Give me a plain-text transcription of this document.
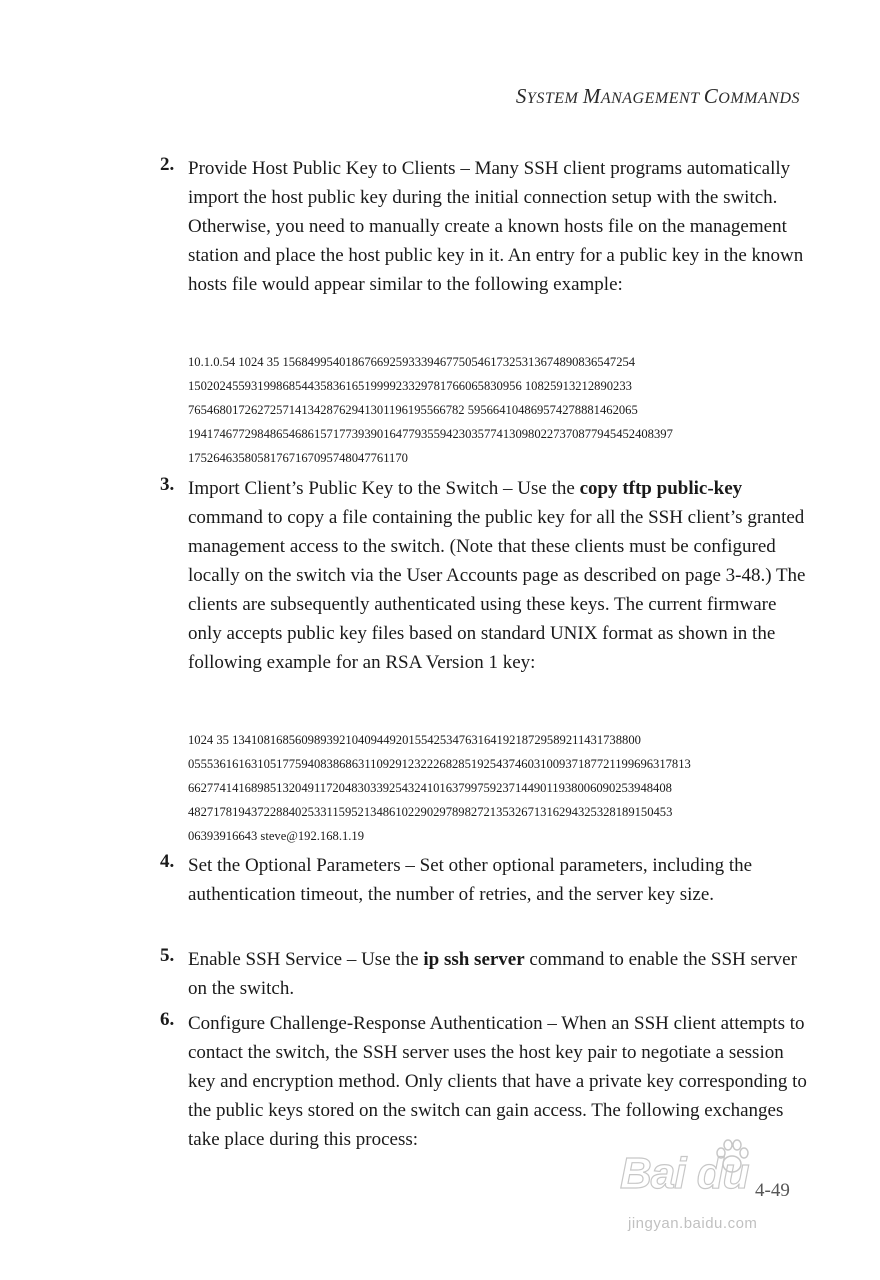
SYSTEM MANAGEMENT COMMANDS
2. Provide Host Public Key to Clients – Many SSH client programs automatically import the host public key during the initial connection setup with the switch. Otherwise, you need to manually create a known hosts file on the management station and place the host public key in it. An entry for a public key in the known hosts file would appear similar to the following example:
10.1.0.54 1024 35 15684995401867669259333946775054617325313674890836547254
15020245593199868544358361651999923329781766065830956 10825913212890233
76546801726272571413428762941301196195566782 595664104869574278881462065
19417467729848654686157177393901647793559423035774130980227370877945452408397
17526463580581767167095748047761170
3. Import Client’s Public Key to the Switch – Use the copy tftp public-key command to copy a file containing the public key for all the SSH client’s granted management access to the switch. (Note that these clients must be configured locally on the switch via the User Accounts page as described on page 3-48.) The clients are subsequently authenticated using these keys. The current firmware only accepts public key files based on standard UNIX format as shown in the following example for an RSA Version 1 key:
1024 35 13410816856098939210409449201554253476316419218729589211431738800
05553616163105177594083868631109291232226828519254374603100937187721199696317813
66277414168985132049117204830339254324101637997592371449011938006090253948408
48271781943722884025331159521348610229029789827213532671316294325328189150453
06393916643 steve@192.168.1.19
4. Set the Optional Parameters – Set other optional parameters, including the authentication timeout, the number of retries, and the server key size.
5. Enable SSH Service – Use the ip ssh server command to enable the SSH server on the switch.
6. Configure Challenge-Response Authentication – When an SSH client attempts to contact the switch, the SSH server uses the host key pair to negotiate a session key and encryption method. Only clients that have a private key corresponding to the public keys stored on the switch can gain access. The following exchanges take place during this process:
Bai du
jingyan.baidu.com
4-49
